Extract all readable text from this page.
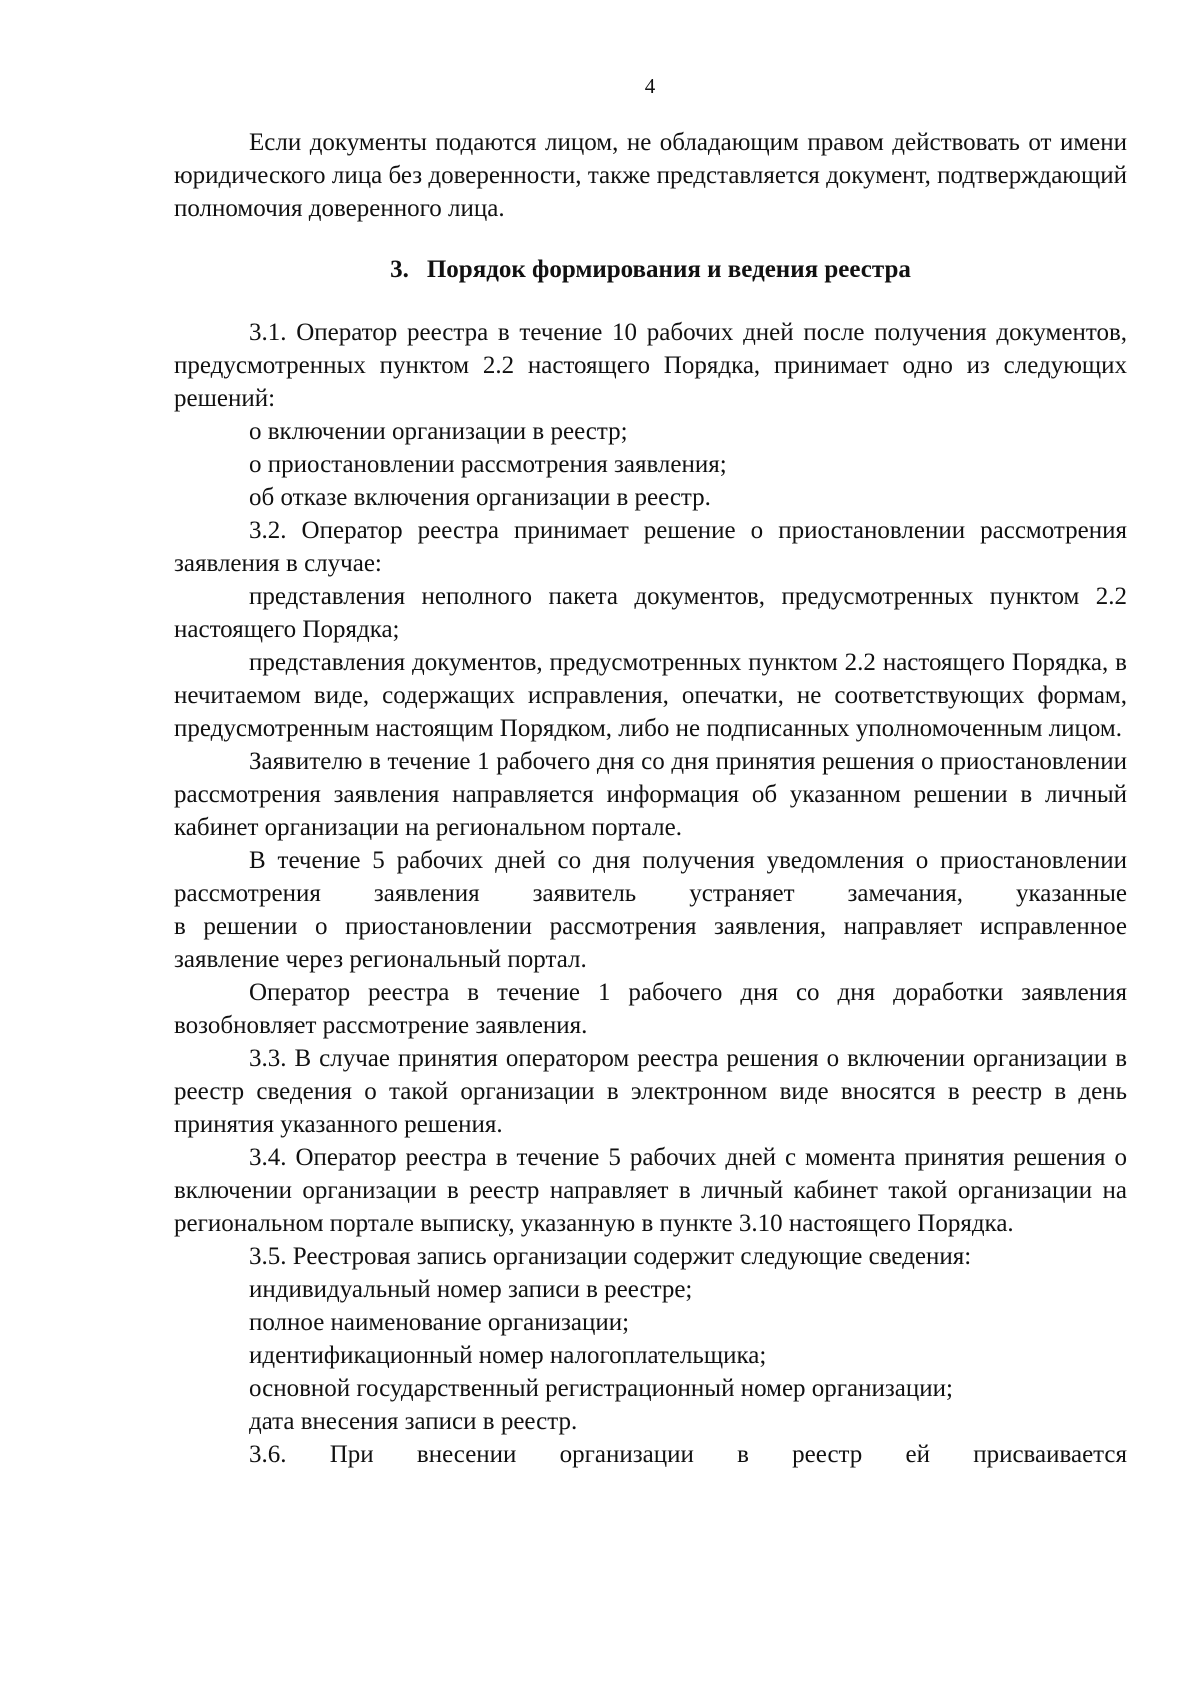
4

Если документы подаются лицом, не обладающим правом действовать от имени юридического лица без доверенности, также представляется документ, подтверждающий полномочия доверенного лица.

3. Порядок формирования и ведения реестра

3.1. Оператор реестра в течение 10 рабочих дней после получения документов, предусмотренных пунктом 2.2 настоящего Порядка, принимает одно из следующих решений:

о включении организации в реестр;

о приостановлении рассмотрения заявления;

об отказе включения организации в реестр.

3.2. Оператор реестра принимает решение о приостановлении рассмотрения заявления в случае:

представления неполного пакета документов, предусмотренных пунктом 2.2 настоящего Порядка;

представления документов, предусмотренных пунктом 2.2 настоящего Порядка, в нечитаемом виде, содержащих исправления, опечатки, не соответствующих формам, предусмотренным настоящим Порядком, либо не подписанных уполномоченным лицом.

Заявителю в течение 1 рабочего дня со дня принятия решения о приостановлении рассмотрения заявления направляется информация об указанном решении в личный кабинет организации на региональном портале.

В течение 5 рабочих дней со дня получения уведомления о приостановлении рассмотрения заявления заявитель устраняет замечания, указанные

в решении о приостановлении рассмотрения заявления, направляет исправленное заявление через региональный портал.

Оператор реестра в течение 1 рабочего дня со дня доработки заявления возобновляет рассмотрение заявления.

3.3. В случае принятия оператором реестра решения о включении организации в реестр сведения о такой организации в электронном виде вносятся в реестр в день принятия указанного решения.

3.4. Оператор реестра в течение 5 рабочих дней с момента принятия решения о включении организации в реестр направляет в личный кабинет такой организации на региональном портале выписку, указанную в пункте 3.10 настоящего Порядка.

3.5. Реестровая запись организации содержит следующие сведения:

индивидуальный номер записи в реестре;

полное наименование организации;

идентификационный номер налогоплательщика;

основной государственный регистрационный номер организации;

дата внесения записи в реестр.

3.6. При внесении организации в реестр ей присваивается
